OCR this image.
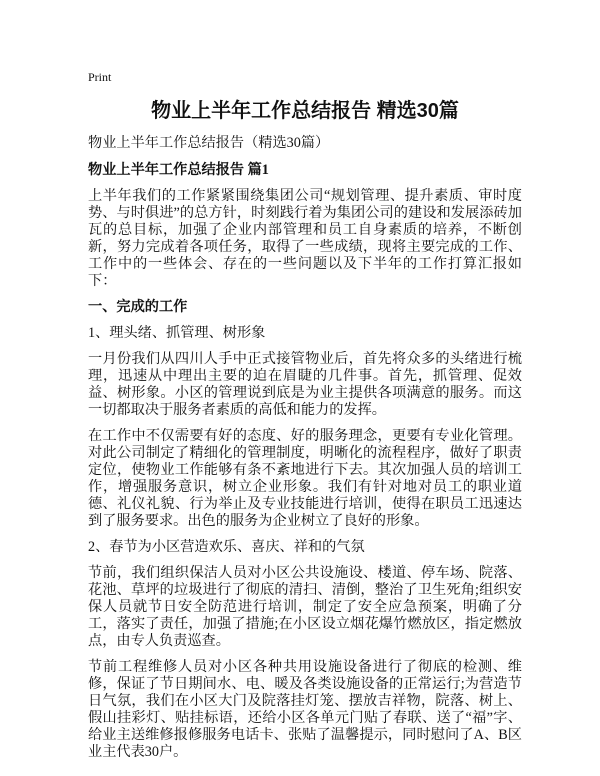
Print
物业上半年工作总结报告 精选30篇

物业上半年工作总结报告（精选30篇）

物业上半年工作总结报告 篇1

上半年我们的工作紧紧围绕集团公司“规划管理、提升素质、审时度势、与时俱进”的总方针，时刻践行着为集团公司的建设和发展添砖加瓦的总目标，加强了企业内部管理和员工自身素质的培养，不断创新，努力完成着各项任务，取得了一些成绩，现将主要完成的工作、工作中的一些体会、存在的一些问题以及下半年的工作打算汇报如下：

一、完成的工作

1、理头绪、抓管理、树形象

一月份我们从四川人手中正式接管物业后，首先将众多的头绪进行梳理，迅速从中理出主要的迫在眉睫的几件事。首先，抓管理、促效益、树形象。小区的管理说到底是为业主提供各项满意的服务。而这一切都取决于服务者素质的高低和能力的发挥。

在工作中不仅需要有好的态度、好的服务理念，更要有专业化管理。对此公司制定了精细化的管理制度，明晰化的流程程序，做好了职责定位，使物业工作能够有条不紊地进行下去。其次加强人员的培训工作，增强服务意识，树立企业形象。我们有针对地对员工的职业道德、礼仪礼貌、行为举止及专业技能进行培训，使得在职员工迅速达到了服务要求。出色的服务为企业树立了良好的形象。

2、春节为小区营造欢乐、喜庆、祥和的气氛

节前，我们组织保洁人员对小区公共设施设、楼道、停车场、院落、花池、草坪的垃圾进行了彻底的清扫、清倒，整治了卫生死角;组织安保人员就节日安全防范进行培训，制定了安全应急预案，明确了分工，落实了责任，加强了措施;在小区设立烟花爆竹燃放区，指定燃放点，由专人负责巡查。

节前工程维修人员对小区各种共用设施设备进行了彻底的检测、维修，保证了节日期间水、电、暖及各类设施设备的正常运行;为营造节日气氛，我们在小区大门及院落挂灯笼、摆放吉祥物，院落、树上、假山挂彩灯、贴挂标语，还给小区各单元门贴了春联、送了“福”字、给业主送维修报修服务电话卡、张贴了温馨提示，同时慰问了A、B区业主代表30户。
